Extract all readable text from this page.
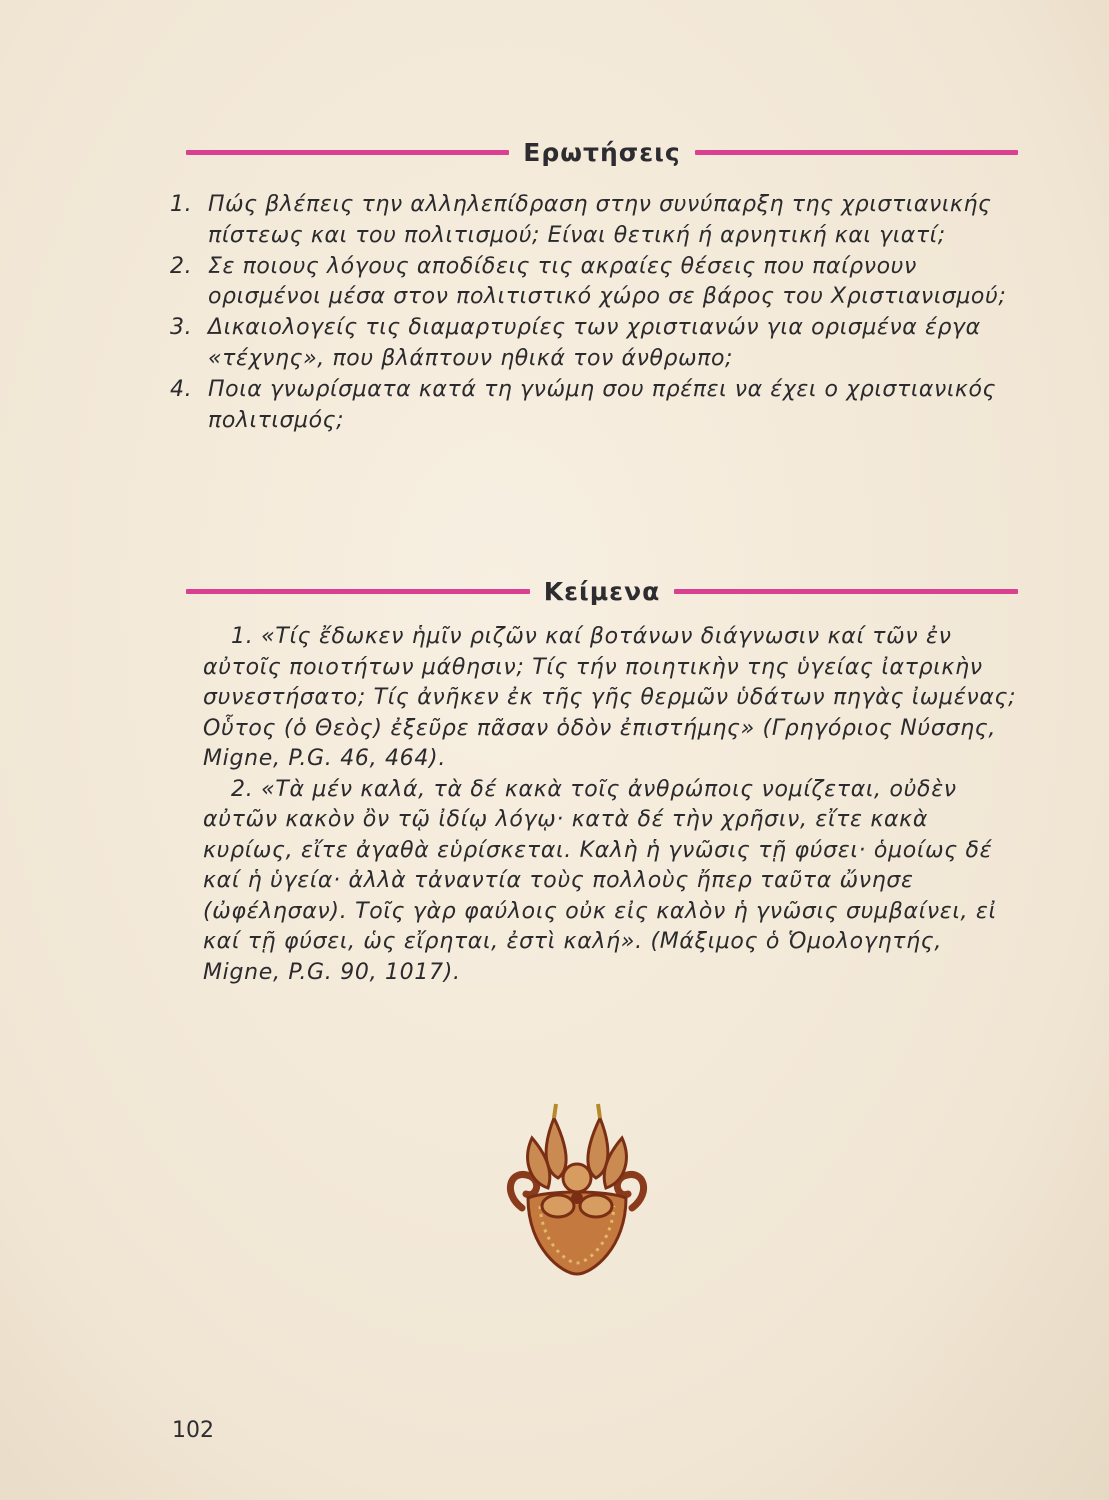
Ερωτήσεις
1. Πώς βλέπεις την αλληλεπίδραση στην συνύπαρξη της χριστιανικής πίστεως και του πολιτισμού; Είναι θετική ή αρνητική και γιατί;
2. Σε ποιους λόγους αποδίδεις τις ακραίες θέσεις που παίρνουν ορισμένοι μέσα στον πολιτιστικό χώρο σε βάρος του Χριστιανισμού;
3. Δικαιολογείς τις διαμαρτυρίες των χριστιανών για ορισμένα έργα «τέχνης», που βλάπτουν ηθικά τον άνθρωπο;
4. Ποια γνωρίσματα κατά τη γνώμη σου πρέπει να έχει ο χριστιανικός πολιτισμός;
Κείμενα

1. «Τίς ἔδωκεν ἡμῖν ριζῶν καί βοτάνων διάγνωσιν καί τῶν ἐν αὐτοῖς ποιοτήτων μάθησιν; Τίς τήν ποιητικὴν της ὑγείας ἰατρικὴν συνεστήσατο; Τίς ἀνῆκεν ἐκ τῆς γῆς θερμῶν ὑδάτων πηγὰς ἰωμένας; Οὗτος (ὁ Θεὸς) ἐξεῦρε πᾶσαν ὁδὸν ἐπιστήμης» (Γρηγόριος Νύσσης, Migne, P.G. 46, 464).

2. «Τὰ μέν καλά, τὰ δέ κακὰ τοῖς ἀνθρώποις νομίζεται, οὐδὲν αὐτῶν κακὸν ὂν τῷ ἰδίῳ λόγῳ· κατὰ δέ τὴν χρῆσιν, εἴτε κακὰ κυρίως, εἴτε ἀγαθὰ εὑρίσκεται. Καλὴ ἡ γνῶσις τῇ φύσει· ὁμοίως δέ καί ἡ ὑγεία· ἀλλὰ τἀναντία τοὺς πολλοὺς ἤπερ ταῦτα ὤνησε (ὠφέλησαν). Τοῖς γὰρ φαύλοις οὐκ εἰς καλὸν ἡ γνῶσις συμβαίνει, εἰ καί τῇ φύσει, ὡς εἴρηται, ἐστὶ καλή». (Μάξιμος ὁ Ὁμολογητής, Migne, P.G. 90, 1017).

102
